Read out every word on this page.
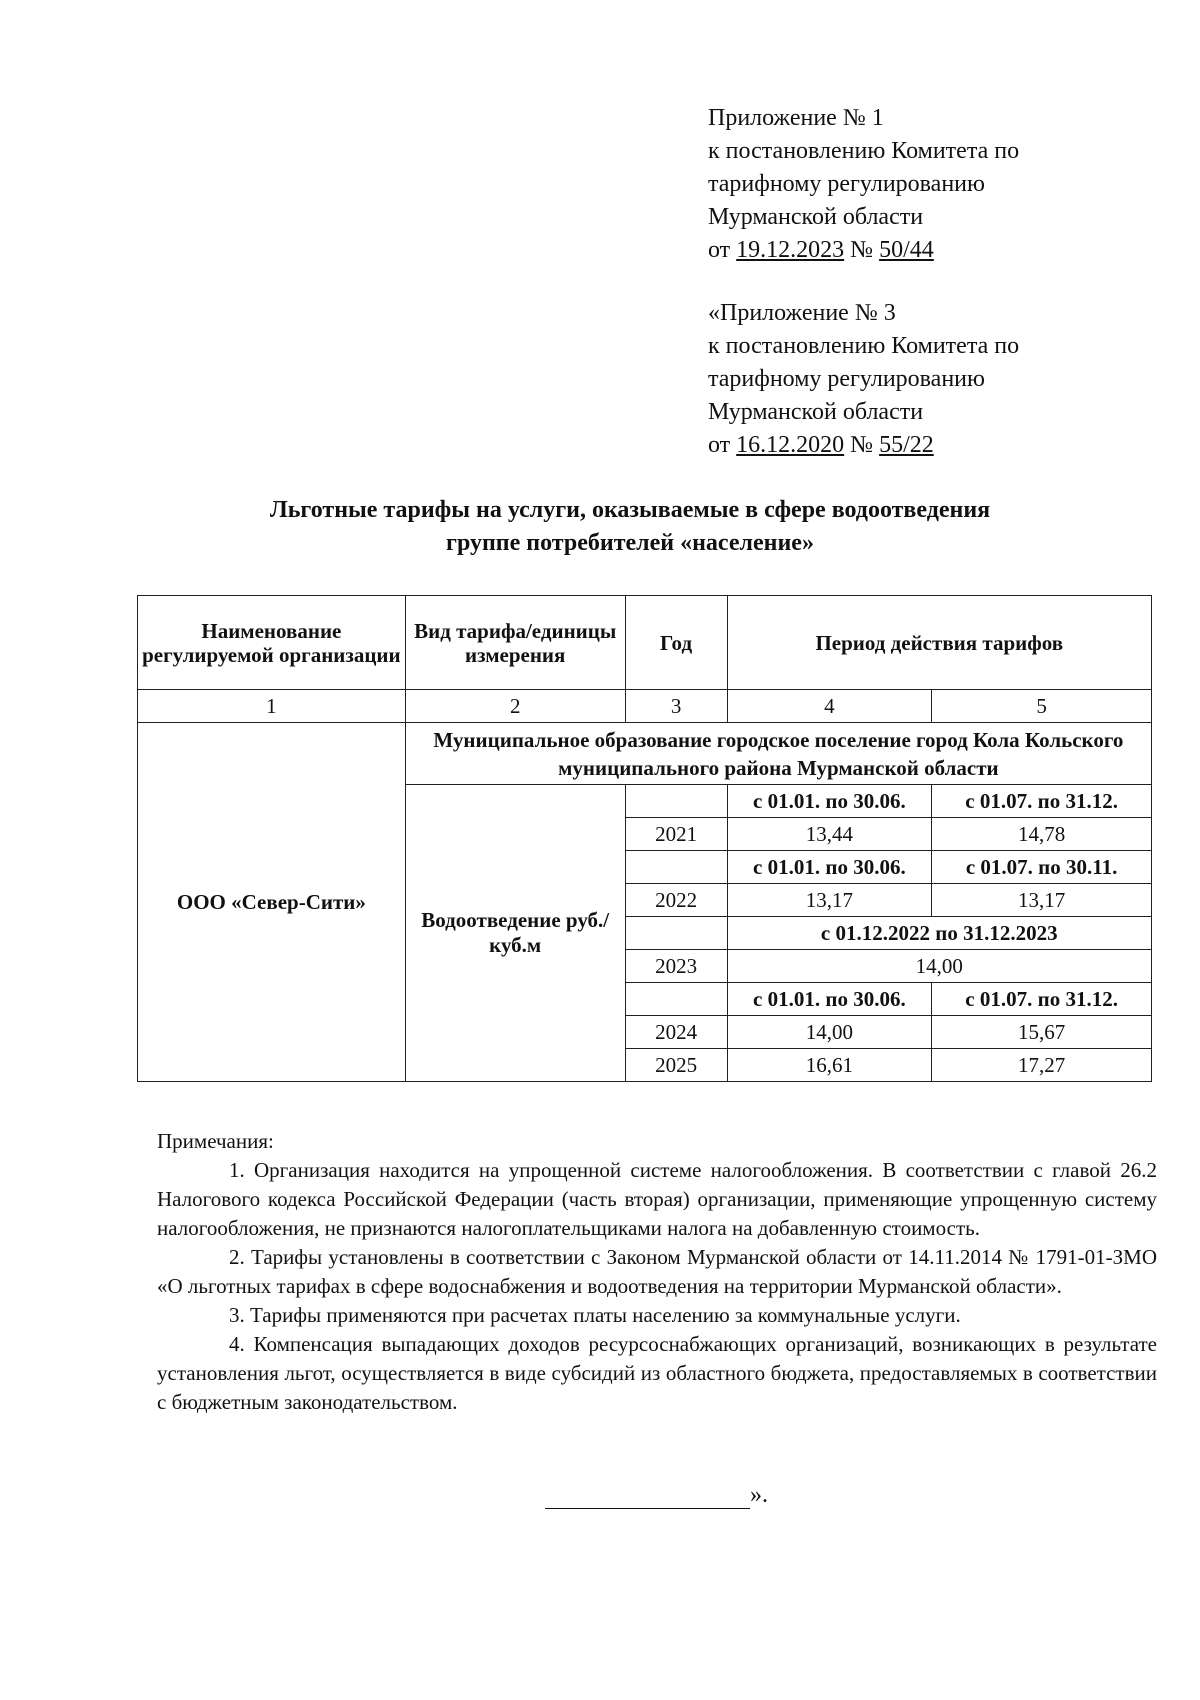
Приложение № 1
к постановлению Комитета по
тарифному регулированию
Мурманской области
от 19.12.2023 № 50/44
«Приложение № 3
к постановлению Комитета по
тарифному регулированию
Мурманской области
от 16.12.2020 № 55/22
Льготные тарифы на услуги, оказываемые в сфере водоотведения
группе потребителей «население»
Наименование регулируемой организации	Вид тарифа/единицы измерения	Год	Период действия тарифов	
1	2	3	4	5
ООО «Север-Сити»	Муниципальное образование городское поселение город Кола Кольского муниципального района Мурманской области			
	Водоотведение руб./куб.м		с 01.01. по 30.06.	с 01.07. по 31.12.
		2021	13,44	14,78
			с 01.01. по 30.06.	с 01.07. по 30.11.
		2022	13,17	13,17
			с 01.12.2022 по 31.12.2023	
		2023	14,00	
			с 01.01. по 30.06.	с 01.07. по 31.12.
		2024	14,00	15,67
		2025	16,61	17,27

Примечания:

1. Организация находится на упрощенной системе налогообложения. В соответствии с главой 26.2 Налогового кодекса Российской Федерации (часть вторая) организации, применяющие упрощенную систему налогообложения, не признаются налогоплательщиками налога на добавленную стоимость.

2. Тарифы установлены в соответствии с Законом Мурманской области от 14.11.2014 № 1791-01-ЗМО «О льготных тарифах в сфере водоснабжения и водоотведения на территории Мурманской области».

3. Тарифы применяются при расчетах платы населению за коммунальные услуги.

4. Компенсация выпадающих доходов ресурсоснабжающих организаций, возникающих в результате установления льгот, осуществляется в виде субсидий из областного бюджета, предоставляемых в соответствии с бюджетным законодательством.

».
